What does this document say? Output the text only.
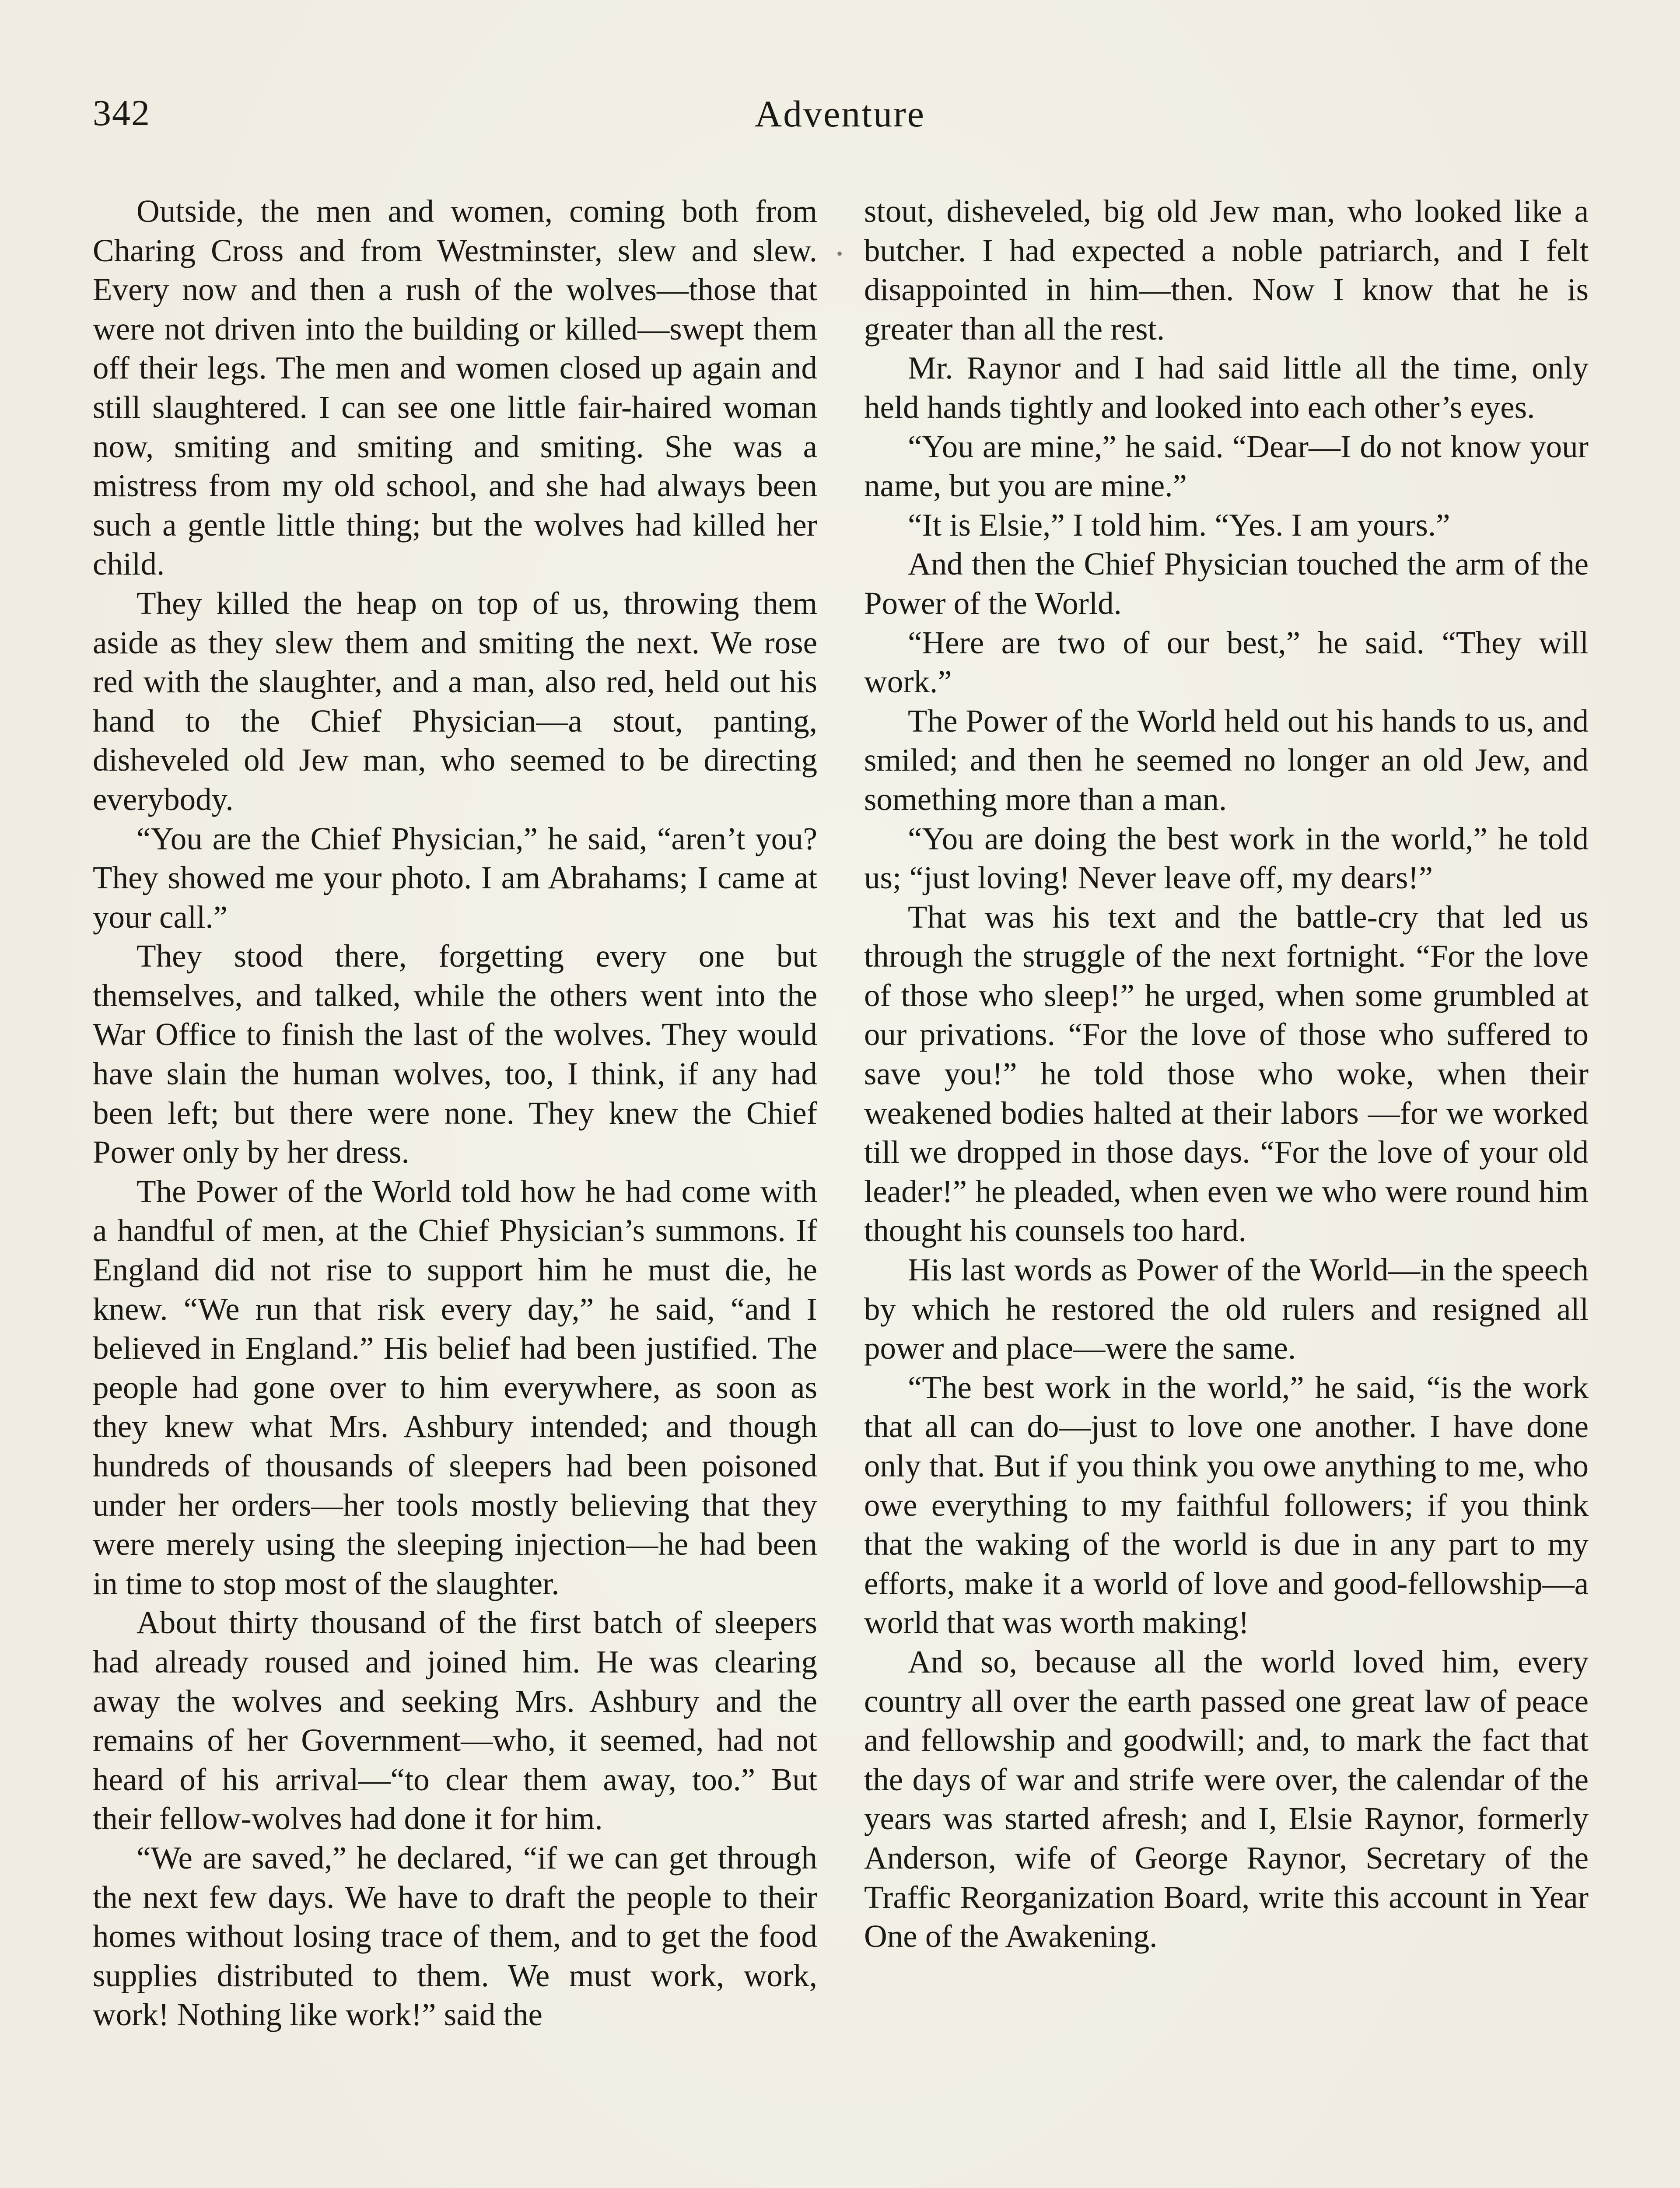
342	Adventure

Outside, the men and women, coming both from Charing Cross and from Westminster, slew and slew. Every now and then a rush of the wolves—those that were not driven into the building or killed—swept them off their legs. The men and women closed up again and still slaughtered. I can see one little fair-haired woman now, smiting and smiting and smiting. She was a mistress from my old school, and she had always been such a gentle little thing; but the wolves had killed her child.

They killed the heap on top of us, throwing them aside as they slew them and smiting the next. We rose red with the slaughter, and a man, also red, held out his hand to the Chief Physician—a stout, panting, disheveled old Jew man, who seemed to be directing everybody.

“You are the Chief Physician,” he said, “aren’t you? They showed me your photo. I am Abrahams; I came at your call.”

They stood there, forgetting every one but themselves, and talked, while the others went into the War Office to finish the last of the wolves. They would have slain the human wolves, too, I think, if any had been left; but there were none. They knew the Chief Power only by her dress.

The Power of the World told how he had come with a handful of men, at the Chief Physician’s summons. If England did not rise to support him he must die, he knew. “We run that risk every day,” he said, “and I believed in England.” His belief had been justified. The people had gone over to him everywhere, as soon as they knew what Mrs. Ashbury intended; and though hundreds of thousands of sleepers had been poisoned under her orders—her tools mostly believing that they were merely using the sleeping injection—he had been in time to stop most of the slaughter.

About thirty thousand of the first batch of sleepers had already roused and joined him. He was clearing away the wolves and seeking Mrs. Ashbury and the remains of her Government—who, it seemed, had not heard of his arrival—“to clear them away, too.” But their fellow-wolves had done it for him.

“We are saved,” he declared, “if we can get through the next few days. We have to draft the people to their homes without losing trace of them, and to get the food supplies distributed to them. We must work, work, work! Nothing like work!” said the

stout, disheveled, big old Jew man, who looked like a butcher. I had expected a noble patriarch, and I felt disappointed in him—then. Now I know that he is greater than all the rest.

Mr. Raynor and I had said little all the time, only held hands tightly and looked into each other’s eyes.

“You are mine,” he said. “Dear—I do not know your name, but you are mine.”

“It is Elsie,” I told him. “Yes. I am yours.”

And then the Chief Physician touched the arm of the Power of the World.

“Here are two of our best,” he said. “They will work.”

The Power of the World held out his hands to us, and smiled; and then he seemed no longer an old Jew, and something more than a man.

“You are doing the best work in the world,” he told us; “just loving! Never leave off, my dears!”

That was his text and the battle-cry that led us through the struggle of the next fortnight. “For the love of those who sleep!” he urged, when some grumbled at our privations. “For the love of those who suffered to save you!” he told those who woke, when their weakened bodies halted at their labors —for we worked till we dropped in those days. “For the love of your old leader!” he pleaded, when even we who were round him thought his counsels too hard.

His last words as Power of the World—in the speech by which he restored the old rulers and resigned all power and place—were the same.

“The best work in the world,” he said, “is the work that all can do—just to love one another. I have done only that. But if you think you owe anything to me, who owe everything to my faithful followers; if you think that the waking of the world is due in any part to my efforts, make it a world of love and good-fellowship—a world that was worth making!

And so, because all the world loved him, every country all over the earth passed one great law of peace and fellowship and goodwill; and, to mark the fact that the days of war and strife were over, the calendar of the years was started afresh; and I, Elsie Raynor, formerly Anderson, wife of George Raynor, Secretary of the Traffic Reorganization Board, write this account in Year One of the Awakening.

•
